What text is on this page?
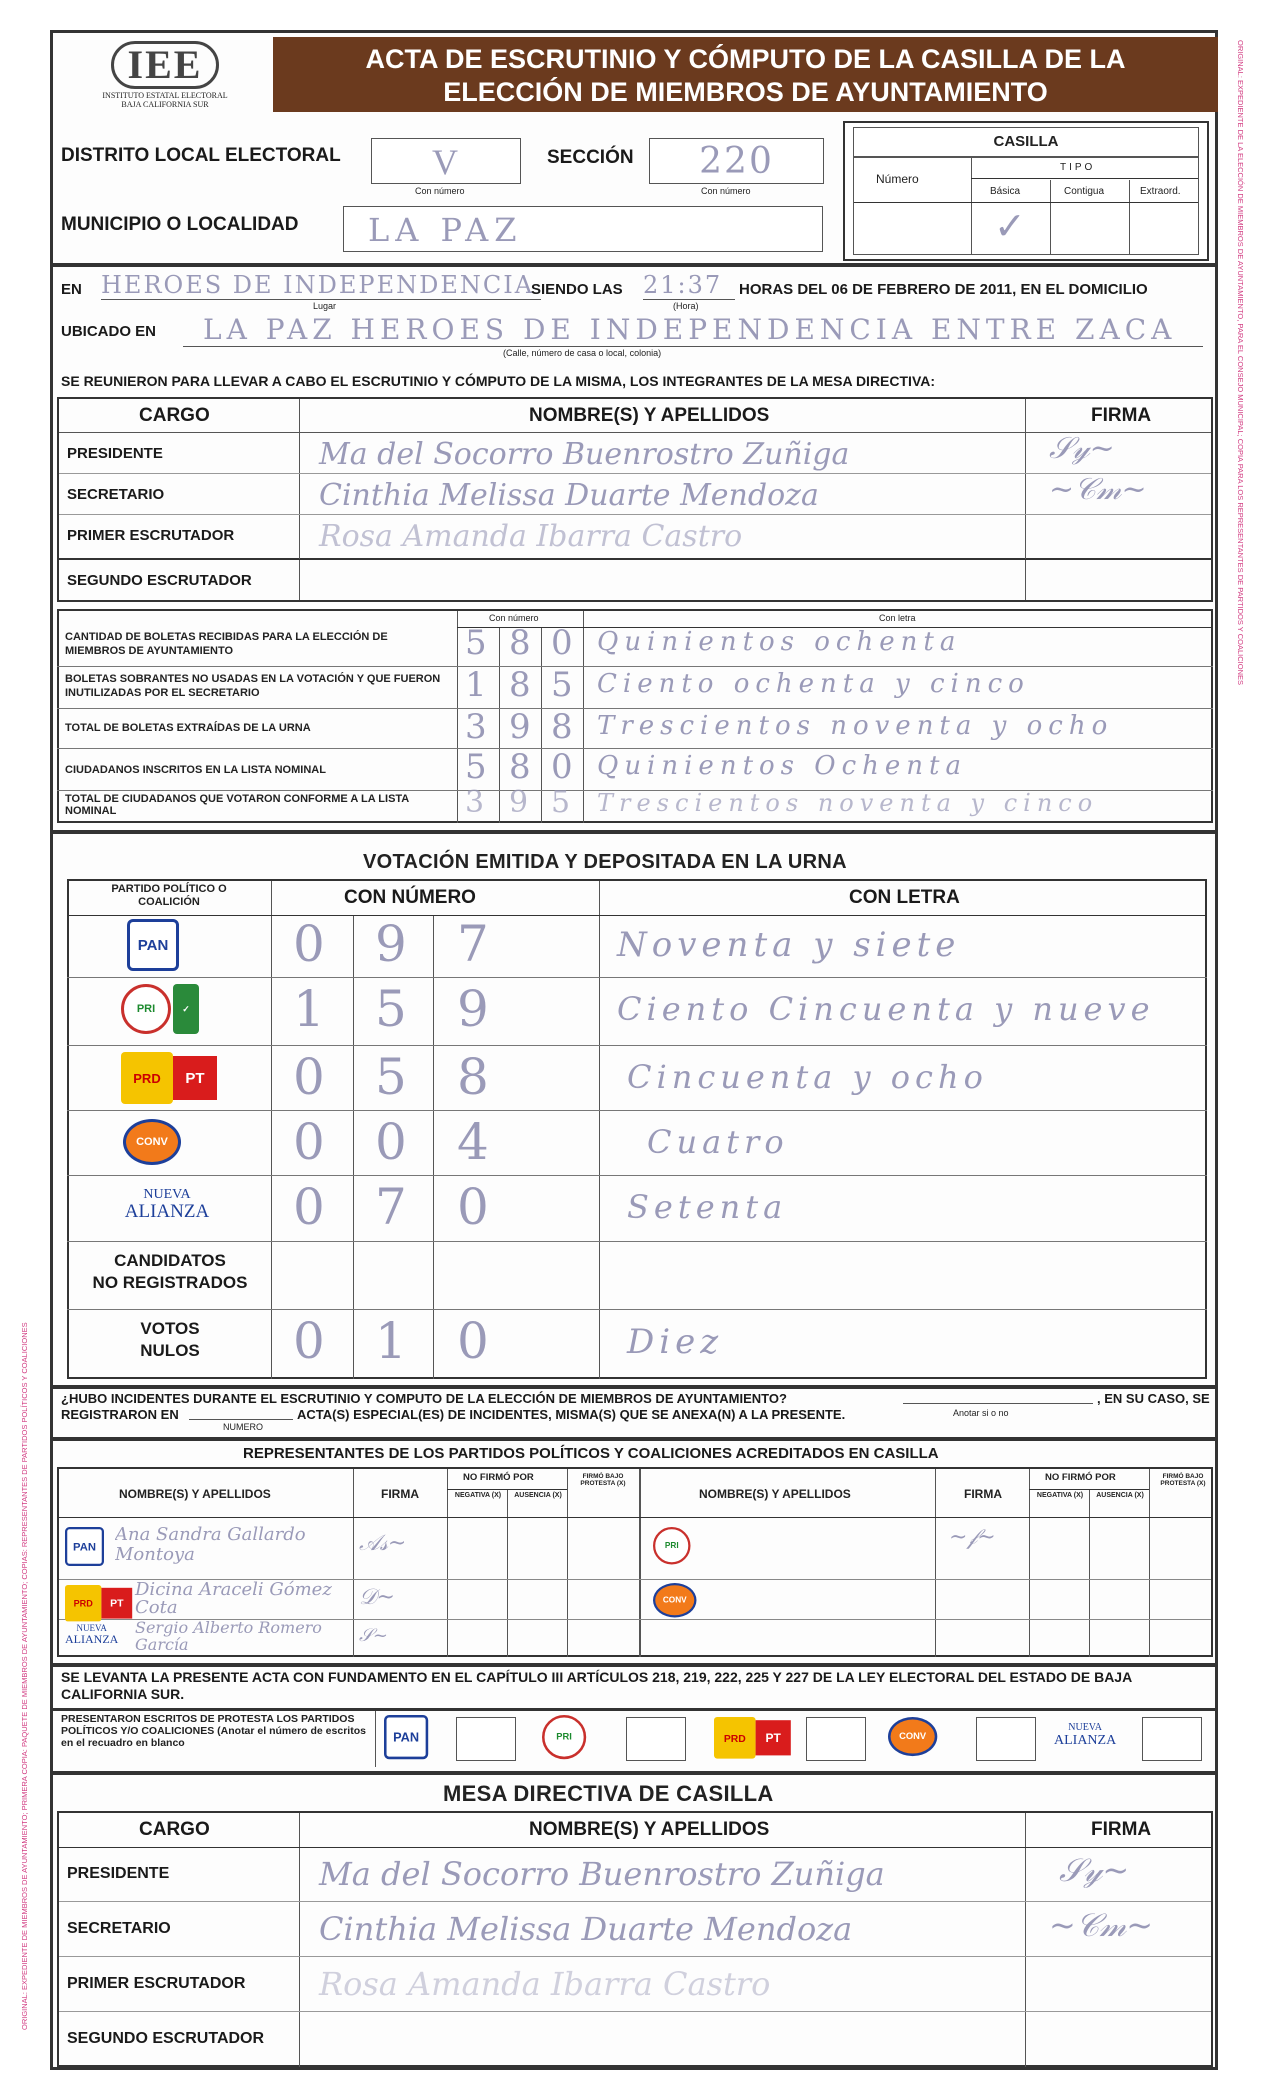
ORIGINAL: EXPEDIENTE DE LA ELECCIÓN DE MIEMBROS DE AYUNTAMIENTO, PARA EL CONSEJO MUNICIPAL; COPIA PARA LOS REPRESENTANTES DE PARTIDOS Y COALICIONES
ORIGINAL: EXPEDIENTE DE MIEMBROS DE AYUNTAMIENTO; PRIMERA COPIA: PAQUETE DE MIEMBROS DE AYUNTAMIENTO; COPIAS: REPRESENTANTES DE PARTIDOS POLÍTICOS Y COALICIONES
IEE
INSTITUTO ESTATAL ELECTORAL
BAJA CALIFORNIA SUR
ACTA DE ESCRUTINIO Y CÓMPUTO DE LA CASILLA DE LA
ELECCIÓN DE MIEMBROS DE AYUNTAMIENTO
DISTRITO LOCAL ELECTORAL	V
Con número
SECCIÓN	220
Con número
MUNICIPIO O LOCALIDAD	LA PAZ
CASILLA
Número
TIPO
Básica	Contigua	Extraord.
✓
EN HEROES DE INDEPENDENCIA
Lugar
SIENDO LAS 21:37
(Hora)
HORAS DEL 06 DE FEBRERO DE 2011, EN EL DOMICILIO
UBICADO EN	LA PAZ HEROES DE INDEPENDENCIA ENTRE ZACA
(Calle, número de casa o local, colonia)
SE REUNIERON PARA LLEVAR A CABO EL ESCRUTINIO Y CÓMPUTO DE LA MISMA, LOS INTEGRANTES DE LA MESA DIRECTIVA:
CARGO	NOMBRE(S) Y APELLIDOS	FIRMA
PRESIDENTE	Ma del Socorro Buenrostro Zuñiga	𝒮𝓎~
SECRETARIO	Cinthia Melissa Duarte Mendoza	~𝒞𝓂~
PRIMER ESCRUTADOR	Rosa Amanda Ibarra Castro
SEGUNDO ESCRUTADOR
Con número	Con letra
CANTIDAD DE BOLETAS RECIBIDAS PARA LA ELECCIÓN DE MIEMBROS DE AYUNTAMIENTO	5 8 0 Quinientos ochenta
BOLETAS SOBRANTES NO USADAS EN LA VOTACIÓN Y QUE FUERON INUTILIZADAS POR EL SECRETARIO	1 8 5 Ciento ochenta y cinco
TOTAL DE BOLETAS EXTRAÍDAS DE LA URNA	3 9 8 Trescientos noventa y ocho
CIUDADANOS INSCRITOS EN LA LISTA NOMINAL	5 8 0 Quinientos Ochenta
TOTAL DE CIUDADANOS QUE VOTARON CONFORME A LA LISTA NOMINAL	3 9 5 Trescientos noventa y cinco
VOTACIÓN EMITIDA Y DEPOSITADA EN LA URNA
PARTIDO POLÍTICO O COALICIÓN	CON NÚMERO	CON LETRA
PAN 0 9 7	Noventa y siete
PRI	✓ 1 5 9	Ciento Cincuenta y nueve
PRD	PT 0 5 8	Cincuenta y ocho
CONV	0 0 4	Cuatro
NUEVA
ALIANZA 0 7 0	Setenta
CANDIDATOS
NO REGISTRADOS
VOTOS
NULOS	0 1 0	Diez
¿HUBO INCIDENTES DURANTE EL ESCRUTINIO Y COMPUTO DE LA ELECCIÓN DE MIEMBROS DE AYUNTAMIENTO?	, EN SU CASO, SE
REGISTRARON EN	ACTA(S) ESPECIAL(ES) DE INCIDENTES, MISMA(S) QUE SE ANEXA(N) A LA PRESENTE.
NUMERO
Anotar si o no
REPRESENTANTES DE LOS PARTIDOS POLÍTICOS Y COALICIONES ACREDITADOS EN CASILLA
NOMBRE(S) Y APELLIDOS	FIRMA
NO FIRMÓ POR
NEGATIVA (X)	AUSENCIA (X)
FIRMÓ BAJO PROTESTA (X)
NOMBRE(S) Y APELLIDOS	FIRMA
NO FIRMÓ POR
NEGATIVA (X)	AUSENCIA (X)
FIRMÓ BAJO PROTESTA (X)
PAN
Ana Sandra Gallardo Montoya	𝒜𝓈~
PRD	PT
Dicina Araceli Gómez Cota	𝒟~
NUEVA
ALIANZA
Sergio Alberto Romero García	𝒮~
PRI	~𝒻~
CONV
SE LEVANTA LA PRESENTE ACTA CON FUNDAMENTO EN EL CAPÍTULO III ARTÍCULOS 218, 219, 222, 225 Y 227 DE LA LEY ELECTORAL DEL ESTADO DE BAJA CALIFORNIA SUR.
PRESENTARON ESCRITOS DE PROTESTA LOS PARTIDOS POLÍTICOS Y/O COALICIONES (Anotar el número de escritos en el recuadro en blanco	PAN	PRI	PRD	PT	CONV
NUEVA
ALIANZA
MESA DIRECTIVA DE CASILLA
CARGO	NOMBRE(S) Y APELLIDOS	FIRMA
PRESIDENTE	Ma del Socorro Buenrostro Zuñiga	𝒮𝓎~
SECRETARIO	Cinthia Melissa Duarte Mendoza	~𝒞𝓂~
PRIMER ESCRUTADOR Rosa Amanda Ibarra Castro
SEGUNDO ESCRUTADOR
